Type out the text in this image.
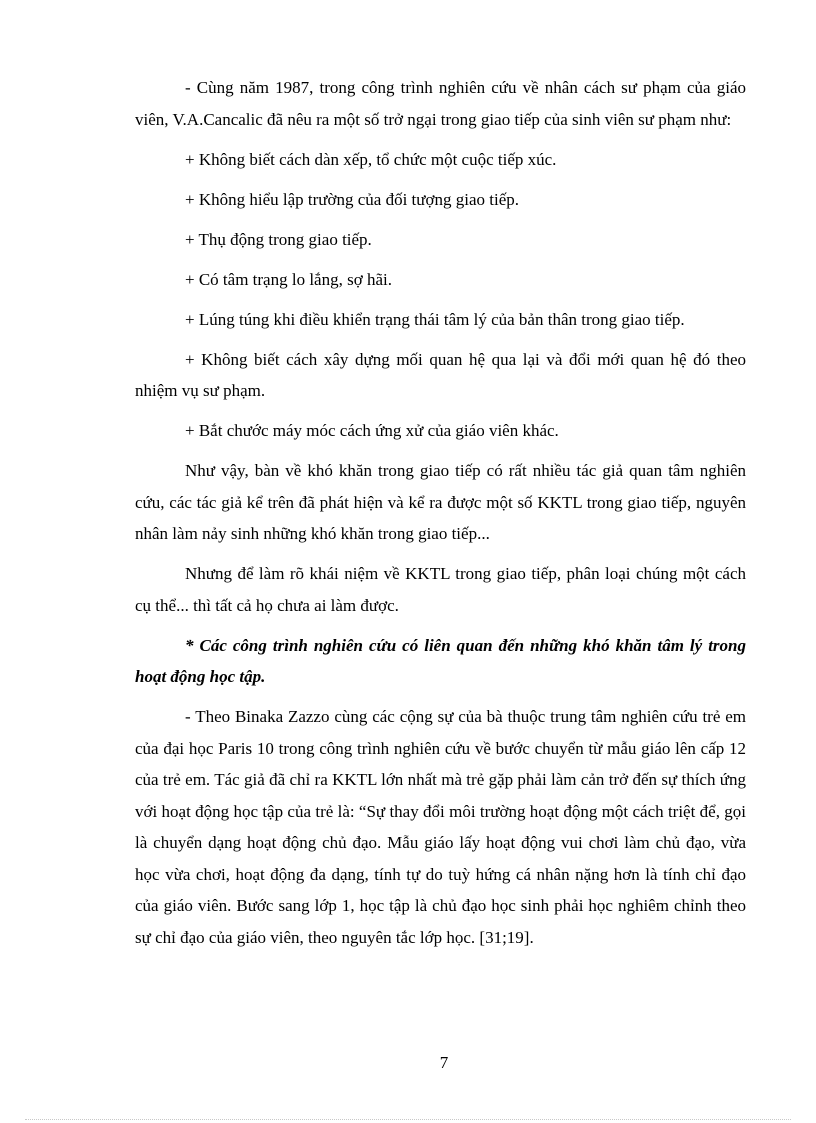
- Cùng năm 1987, trong công trình nghiên cứu về nhân cách sư phạm của giáo viên, V.A.Cancalic đã nêu ra một số trở ngại trong giao tiếp của sinh viên sư phạm như:

+ Không biết cách dàn xếp, tổ chức một cuộc tiếp xúc.

+ Không hiểu lập trường của đối tượng giao tiếp.

+ Thụ động trong giao tiếp.

+ Có tâm trạng lo lắng, sợ hãi.

+ Lúng túng khi điều khiển trạng thái tâm lý của bản thân trong giao tiếp.

+ Không biết cách xây dựng mối quan hệ qua lại và đổi mới quan hệ đó theo nhiệm vụ sư phạm.

+ Bắt chước máy móc cách ứng xử của giáo viên khác.

Như vậy, bàn về khó khăn trong giao tiếp có rất nhiều tác giả quan tâm nghiên cứu, các tác giả kể trên đã phát hiện và kể ra được một số KKTL trong giao tiếp, nguyên nhân làm nảy sinh những khó khăn trong giao tiếp...

Nhưng để làm rõ khái niệm về KKTL trong giao tiếp, phân loại chúng một cách cụ thể... thì tất cả họ chưa ai làm được.

* Các công trình nghiên cứu có liên quan đến những khó khăn tâm lý trong hoạt động học tập.

- Theo Binaka Zazzo cùng các cộng sự của bà thuộc trung tâm nghiên cứu trẻ em của đại học Paris 10 trong công trình nghiên cứu về bước chuyển từ mẫu giáo lên cấp 12 của trẻ em. Tác giả đã chỉ ra KKTL lớn nhất mà trẻ gặp phải làm cản trở đến sự thích ứng với hoạt động học tập của trẻ là: “Sự thay đổi môi trường hoạt động một cách triệt để, gọi là chuyển dạng hoạt động chủ đạo. Mẫu giáo lấy hoạt động vui chơi làm chủ đạo, vừa học vừa chơi, hoạt động đa dạng, tính tự do tuỳ hứng cá nhân nặng hơn là tính chỉ đạo của giáo viên. Bước sang lớp 1, học tập là chủ đạo học sinh phải học nghiêm chỉnh theo sự chỉ đạo của giáo viên, theo nguyên tắc lớp học. [31;19].

7
